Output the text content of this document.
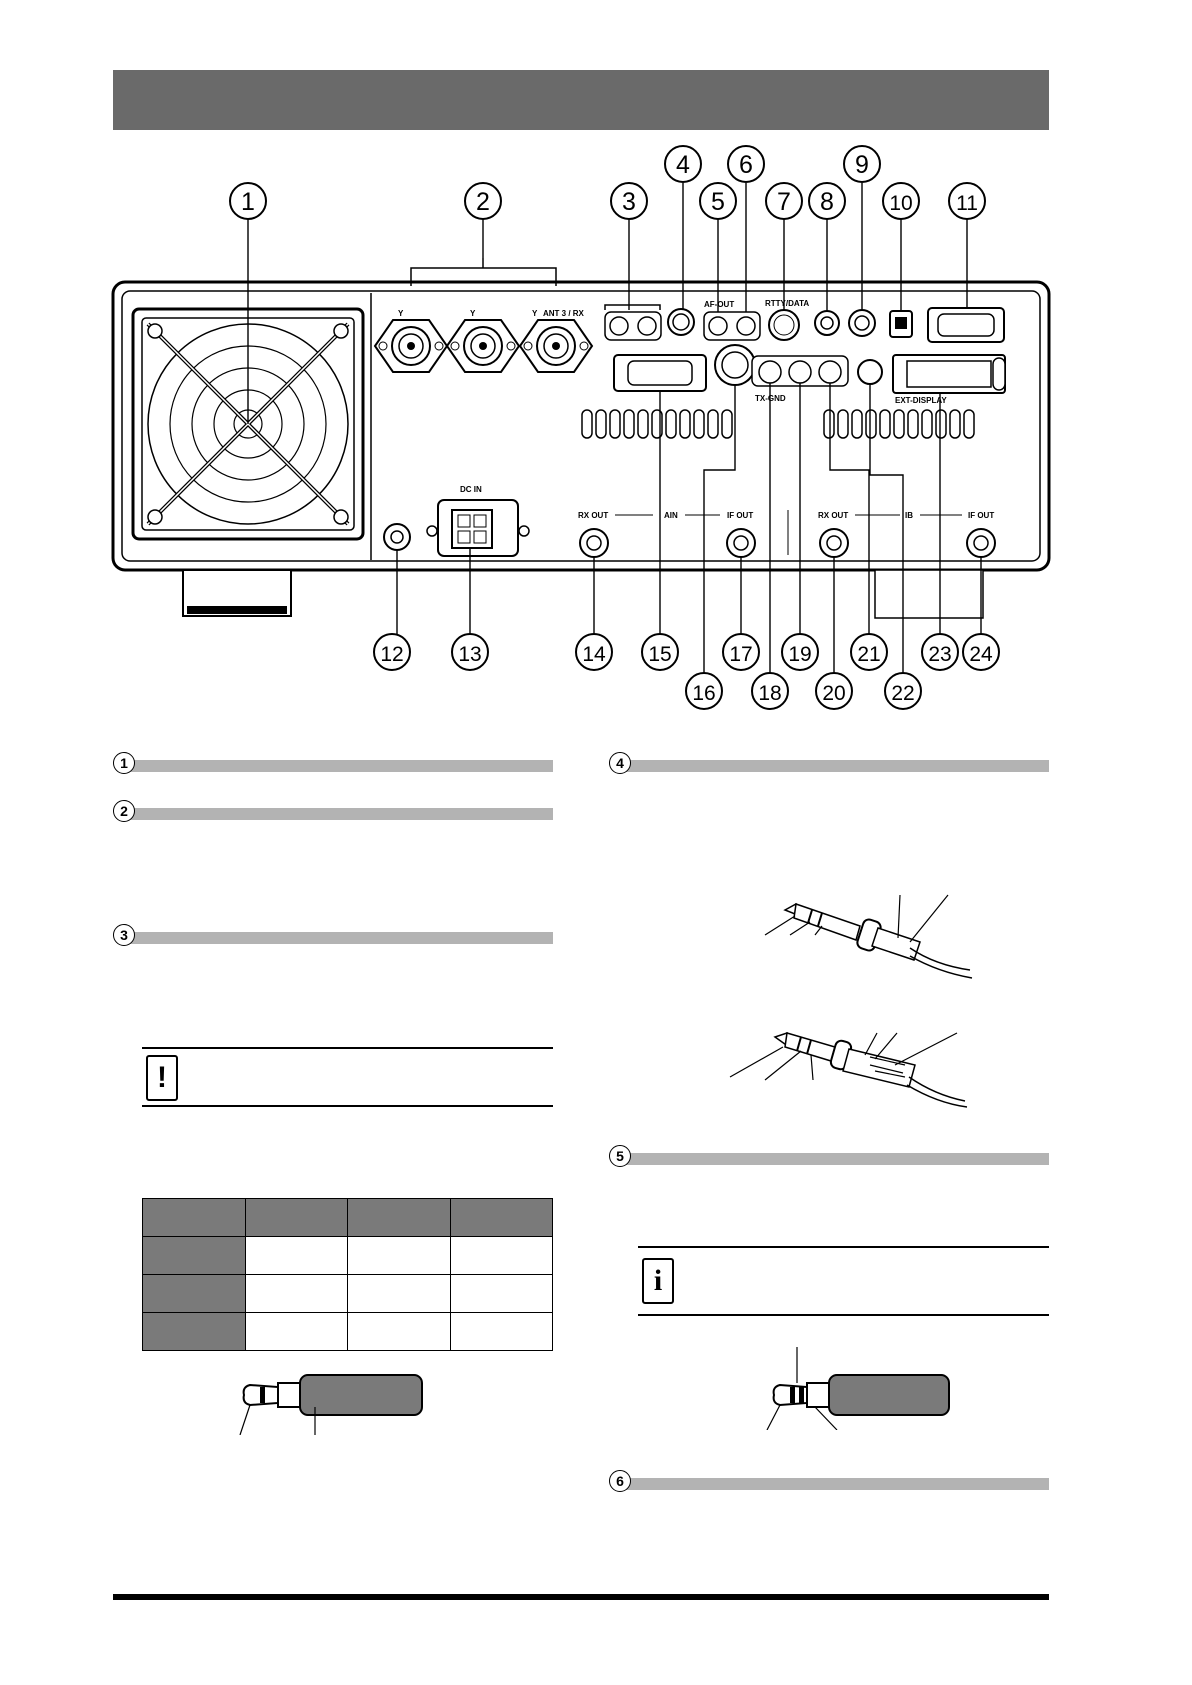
Y	Y	Y ANT 3 / RX
AF-OUT	RTTY/DATA
TX-GND	EXT-DISPLAY
DC IN
RX OUT	AIN	IF OUT	RX OUT	IB	IF OUT
1	2	3
4
5
6
7 8
9
10 11
12	13	14 15
16
17
18
19
20
21
22
23 24
1
2
3
4
5
6
!
i
